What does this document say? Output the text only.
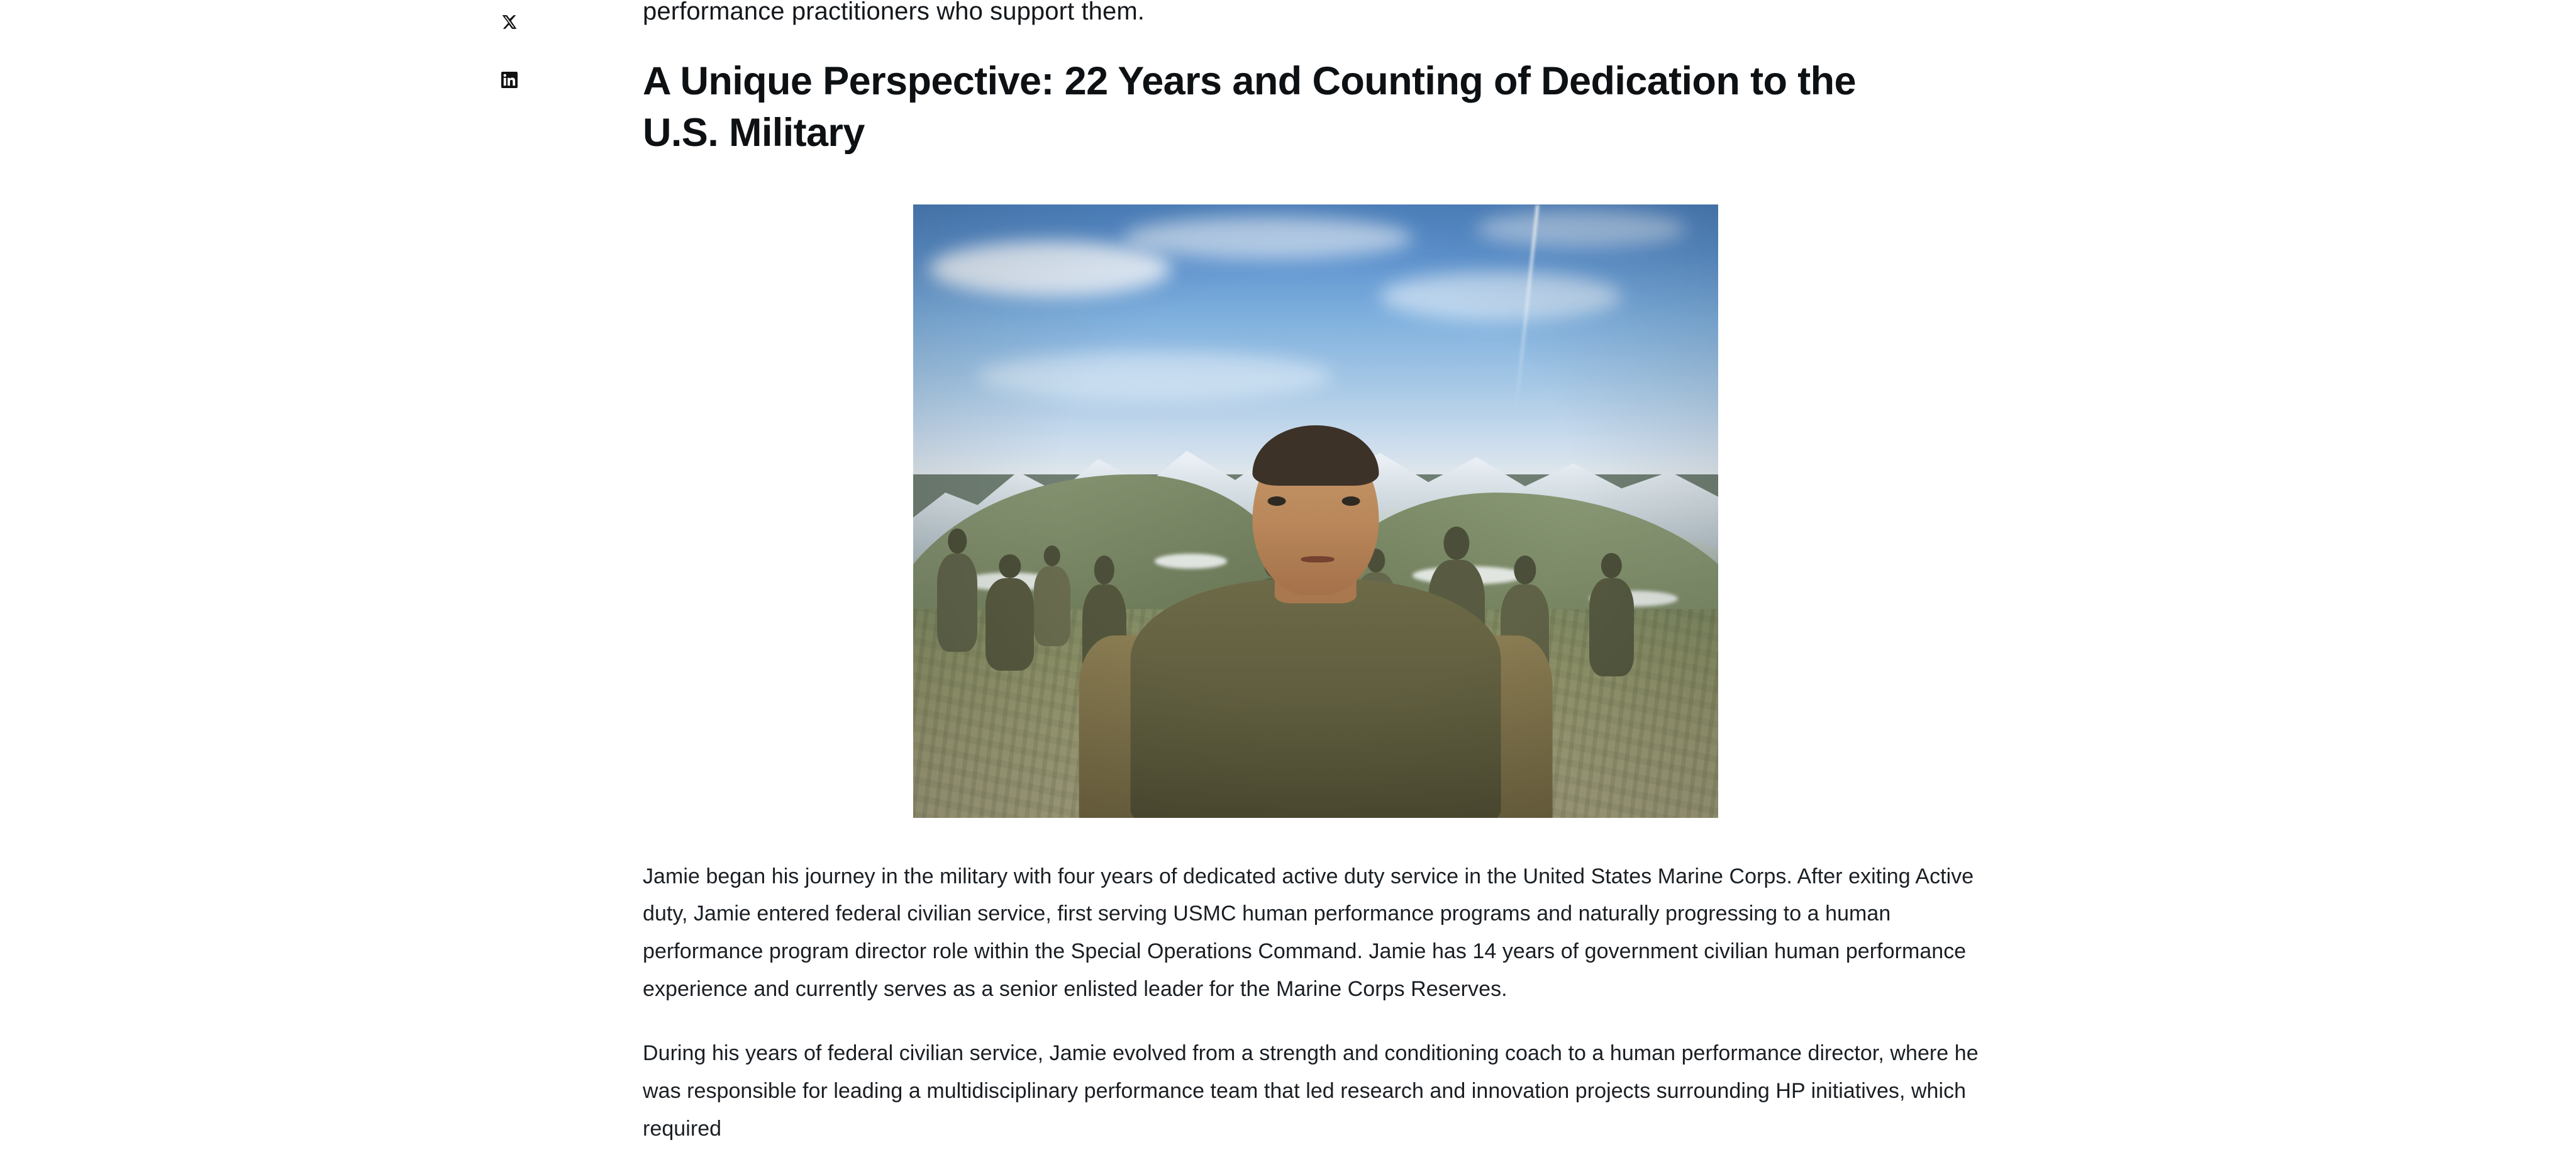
performance practitioners who support them.

A Unique Perspective: 22 Years and Counting of Dedication to the U.S. Military

Jamie began his journey in the military with four years of dedicated active duty service in the United States Marine Corps. After exiting Active duty, Jamie entered federal civilian service, first serving USMC human performance programs and naturally progressing to a human performance program director role within the Special Operations Command. Jamie has 14 years of government civilian human performance experience and currently serves as a senior enlisted leader for the Marine Corps Reserves.

During his years of federal civilian service, Jamie evolved from a strength and conditioning coach to a human performance director, where he was responsible for leading a multidisciplinary performance team that led research and innovation projects surrounding HP initiatives, which required
